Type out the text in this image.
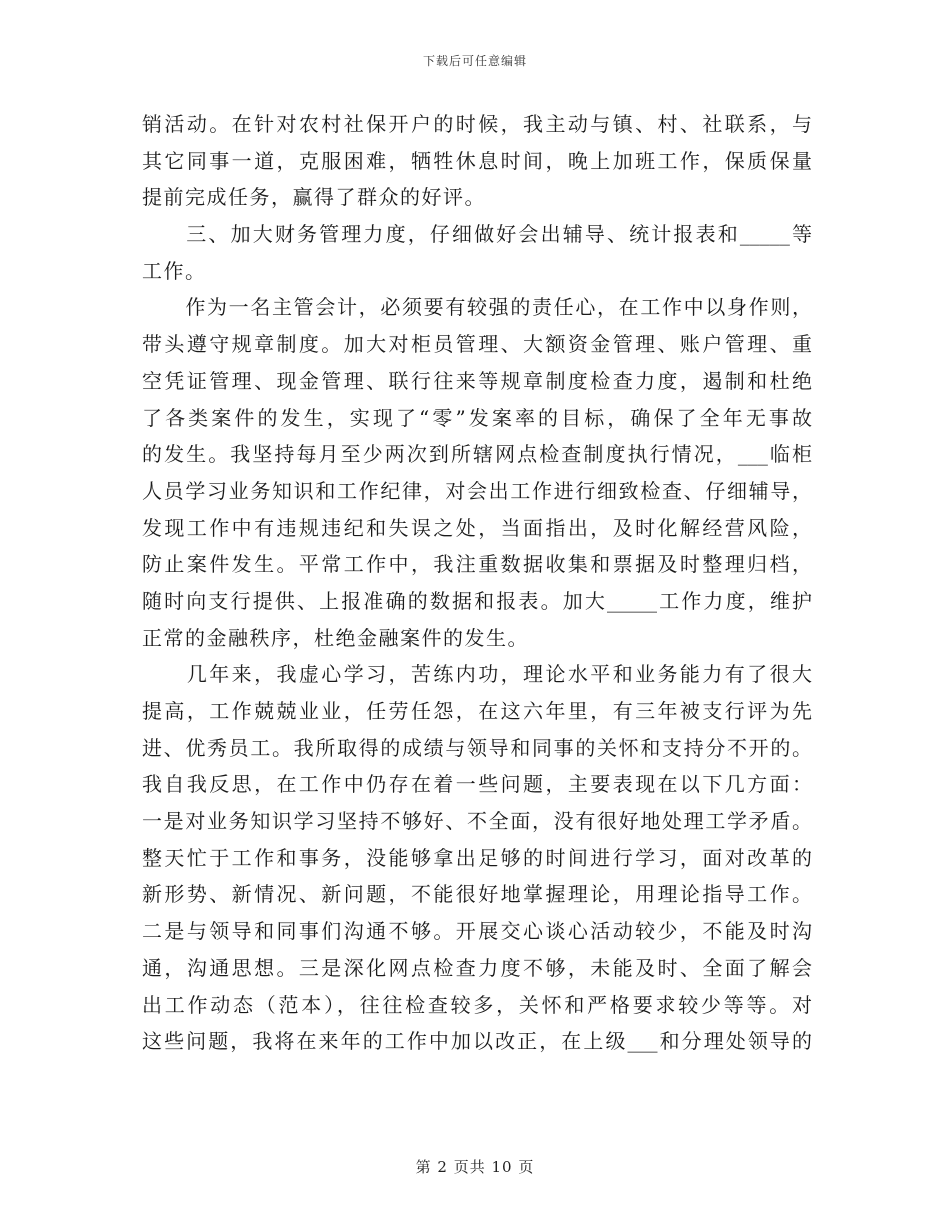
下载后可任意编辑
销活动。在针对农村社保开户的时候，我主动与镇、村、社联系，与
其它同事一道，克服困难，牺牲休息时间，晚上加班工作，保质保量
提前完成任务，赢得了群众的好评。
　　三、加大财务管理力度，仔细做好会出辅导、统计报表和_____等
工作。
　　作为一名主管会计，必须要有较强的责任心，在工作中以身作则，
带头遵守规章制度。加大对柜员管理、大额资金管理、账户管理、重
空凭证管理、现金管理、联行往来等规章制度检查力度，遏制和杜绝
了各类案件的发生，实现了“零”发案率的目标，确保了全年无事故
的发生。我坚持每月至少两次到所辖网点检查制度执行情况，___临柜
人员学习业务知识和工作纪律，对会出工作进行细致检查、仔细辅导，
发现工作中有违规违纪和失误之处，当面指出，及时化解经营风险，
防止案件发生。平常工作中，我注重数据收集和票据及时整理归档，
随时向支行提供、上报准确的数据和报表。加大_____工作力度，维护
正常的金融秩序，杜绝金融案件的发生。
　　几年来，我虚心学习，苦练内功，理论水平和业务能力有了很大
提高，工作兢兢业业，任劳任怨，在这六年里，有三年被支行评为先
进、优秀员工。我所取得的成绩与领导和同事的关怀和支持分不开的。
我自我反思，在工作中仍存在着一些问题，主要表现在以下几方面：
一是对业务知识学习坚持不够好、不全面，没有很好地处理工学矛盾。
整天忙于工作和事务，没能够拿出足够的时间进行学习，面对改革的
新形势、新情况、新问题，不能很好地掌握理论，用理论指导工作。
二是与领导和同事们沟通不够。开展交心谈心活动较少，不能及时沟
通，沟通思想。三是深化网点检查力度不够，未能及时、全面了解会
出工作动态（范本），往往检查较多，关怀和严格要求较少等等。对
这些问题，我将在来年的工作中加以改正，在上级___和分理处领导的
第 2 页共 10 页
